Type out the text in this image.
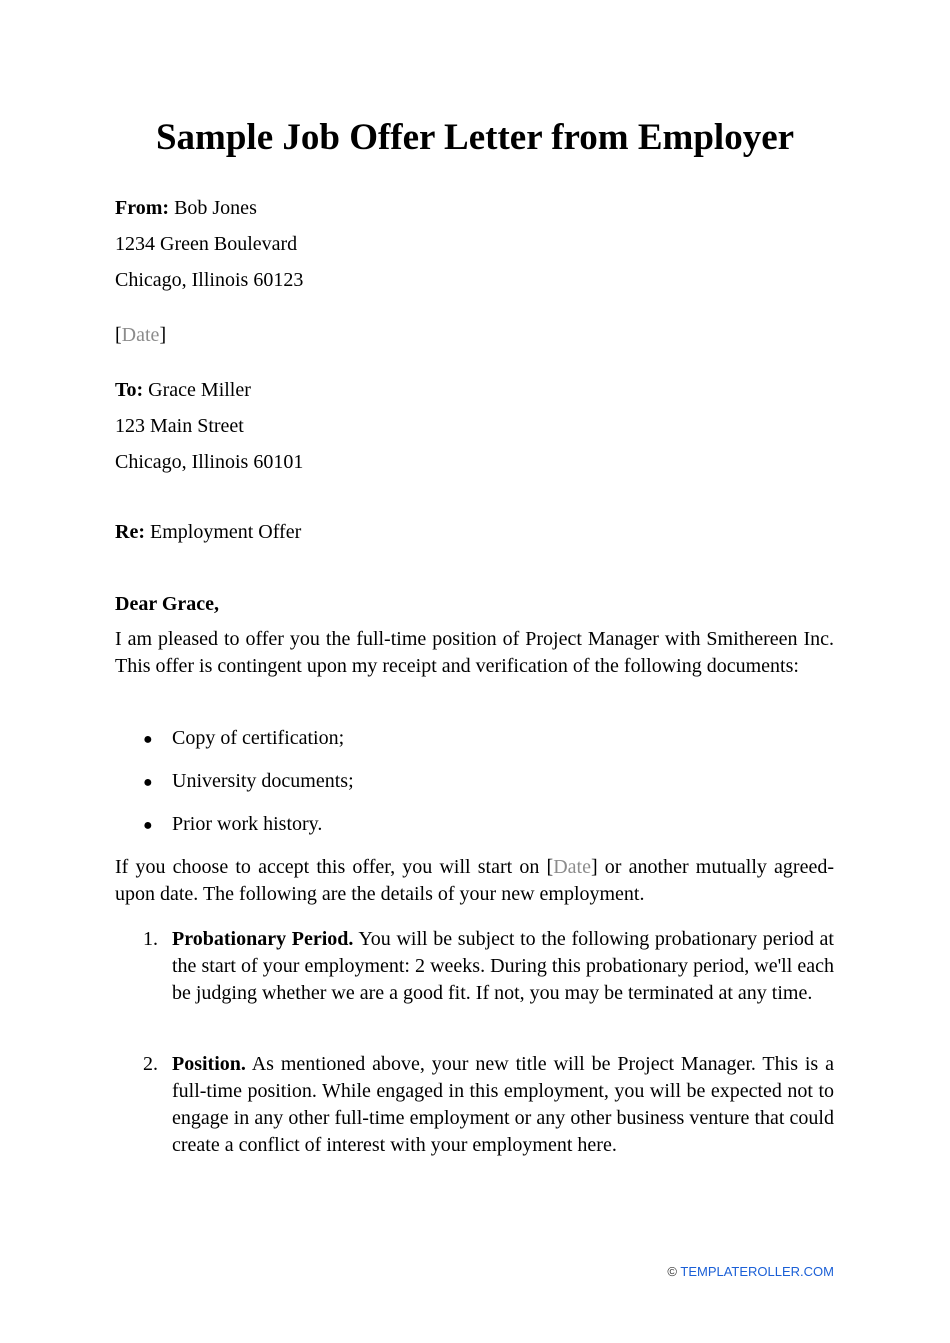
Sample Job Offer Letter from Employer
From: Bob Jones
1234 Green Boulevard
Chicago, Illinois 60123
[Date]
To: Grace Miller
123 Main Street
Chicago, Illinois 60101
Re: Employment Offer
Dear Grace,

I am pleased to offer you the full-time position of Project Manager with Smithereen Inc. This offer is contingent upon my receipt and verification of the following documents:

● Copy of certification;
● University documents;
● Prior work history.

If you choose to accept this offer, you will start on [Date] or another mutually agreed-upon date. The following are the details of your new employment.

1. Probationary Period. You will be subject to the following probationary period at the start of your employment: 2 weeks. During this probationary period, we'll each be judging whether we are a good fit. If not, you may be terminated at any time.
2. Position. As mentioned above, your new title will be Project Manager. This is a full-time position. While engaged in this employment, you will be expected not to engage in any other full-time employment or any other business venture that could create a conflict of interest with your employment here.
© TEMPLATEROLLER.COM
